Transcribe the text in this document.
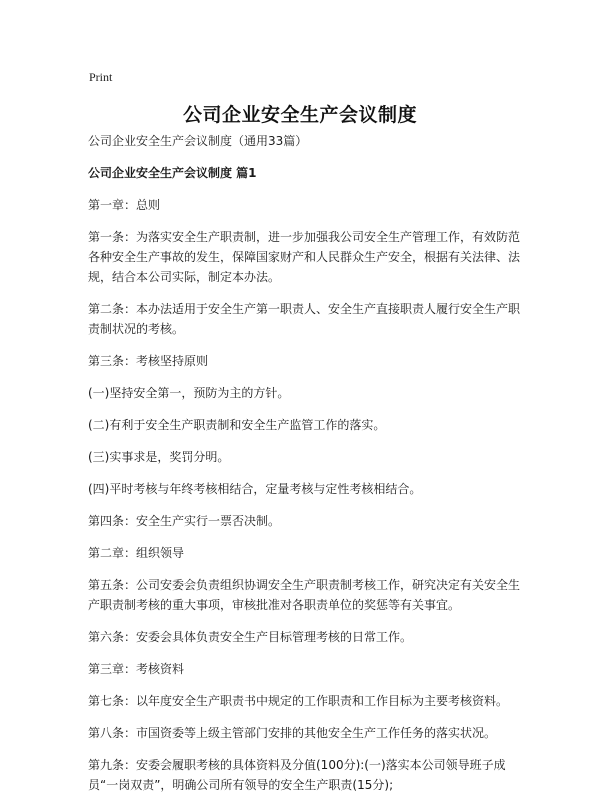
Print
公司企业安全生产会议制度

公司企业安全生产会议制度（通用33篇）

公司企业安全生产会议制度 篇1

第一章：总则

第一条：为落实安全生产职责制，进一步加强我公司安全生产管理工作，有效防范各种安全生产事故的发生，保障国家财产和人民群众生产安全，根据有关法律、法规，结合本公司实际，制定本办法。

第二条：本办法适用于安全生产第一职责人、安全生产直接职责人履行安全生产职责制状况的考核。

第三条：考核坚持原则

(一)坚持安全第一，预防为主的方针。

(二)有利于安全生产职责制和安全生产监管工作的落实。

(三)实事求是，奖罚分明。

(四)平时考核与年终考核相结合，定量考核与定性考核相结合。

第四条：安全生产实行一票否决制。

第二章：组织领导

第五条：公司安委会负责组织协调安全生产职责制考核工作，研究决定有关安全生产职责制考核的重大事项，审核批准对各职责单位的奖惩等有关事宜。

第六条：安委会具体负责安全生产目标管理考核的日常工作。

第三章：考核资料

第七条：以年度安全生产职责书中规定的工作职责和工作目标为主要考核资料。

第八条：市国资委等上级主管部门安排的其他安全生产工作任务的落实状况。

第九条：安委会履职考核的具体资料及分值(100分):(一)落实本公司领导班子成员“一岗双责”，明确公司所有领导的安全生产职责(15分);
